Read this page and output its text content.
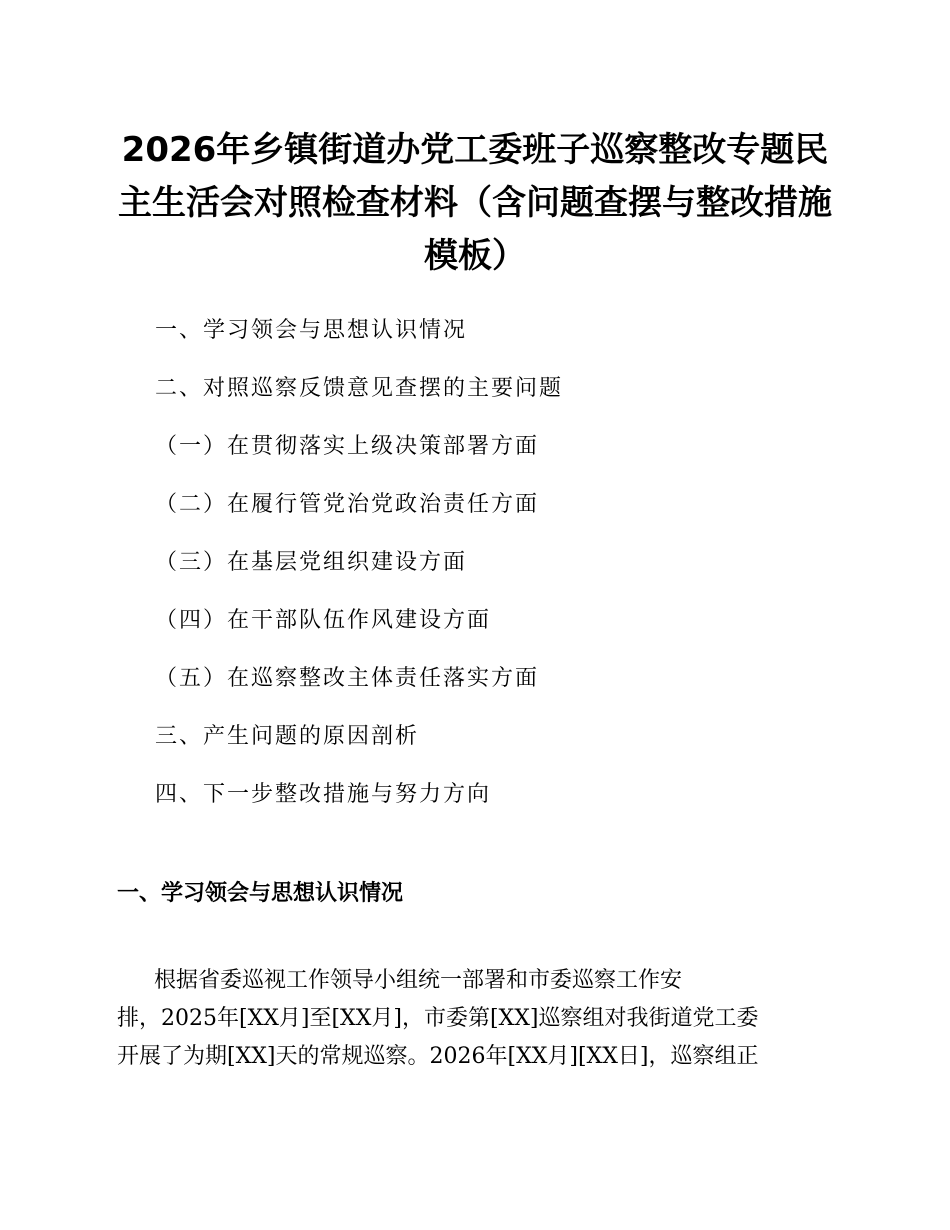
2026年乡镇街道办党工委班子巡察整改专题民
主生活会对照检查材料（含问题查摆与整改措施
模板）
一、学习领会与思想认识情况
二、对照巡察反馈意见查摆的主要问题
（一）在贯彻落实上级决策部署方面
（二）在履行管党治党政治责任方面
（三）在基层党组织建设方面
（四）在干部队伍作风建设方面
（五）在巡察整改主体责任落实方面
三、产生问题的原因剖析
四、下一步整改措施与努力方向
一、学习领会与思想认识情况
根据省委巡视工作领导小组统一部署和市委巡察工作安
排，2025年[XX月]至[XX月]，市委第[XX]巡察组对我街道党工委
开展了为期[XX]天的常规巡察。2026年[XX月][XX日]，巡察组正
